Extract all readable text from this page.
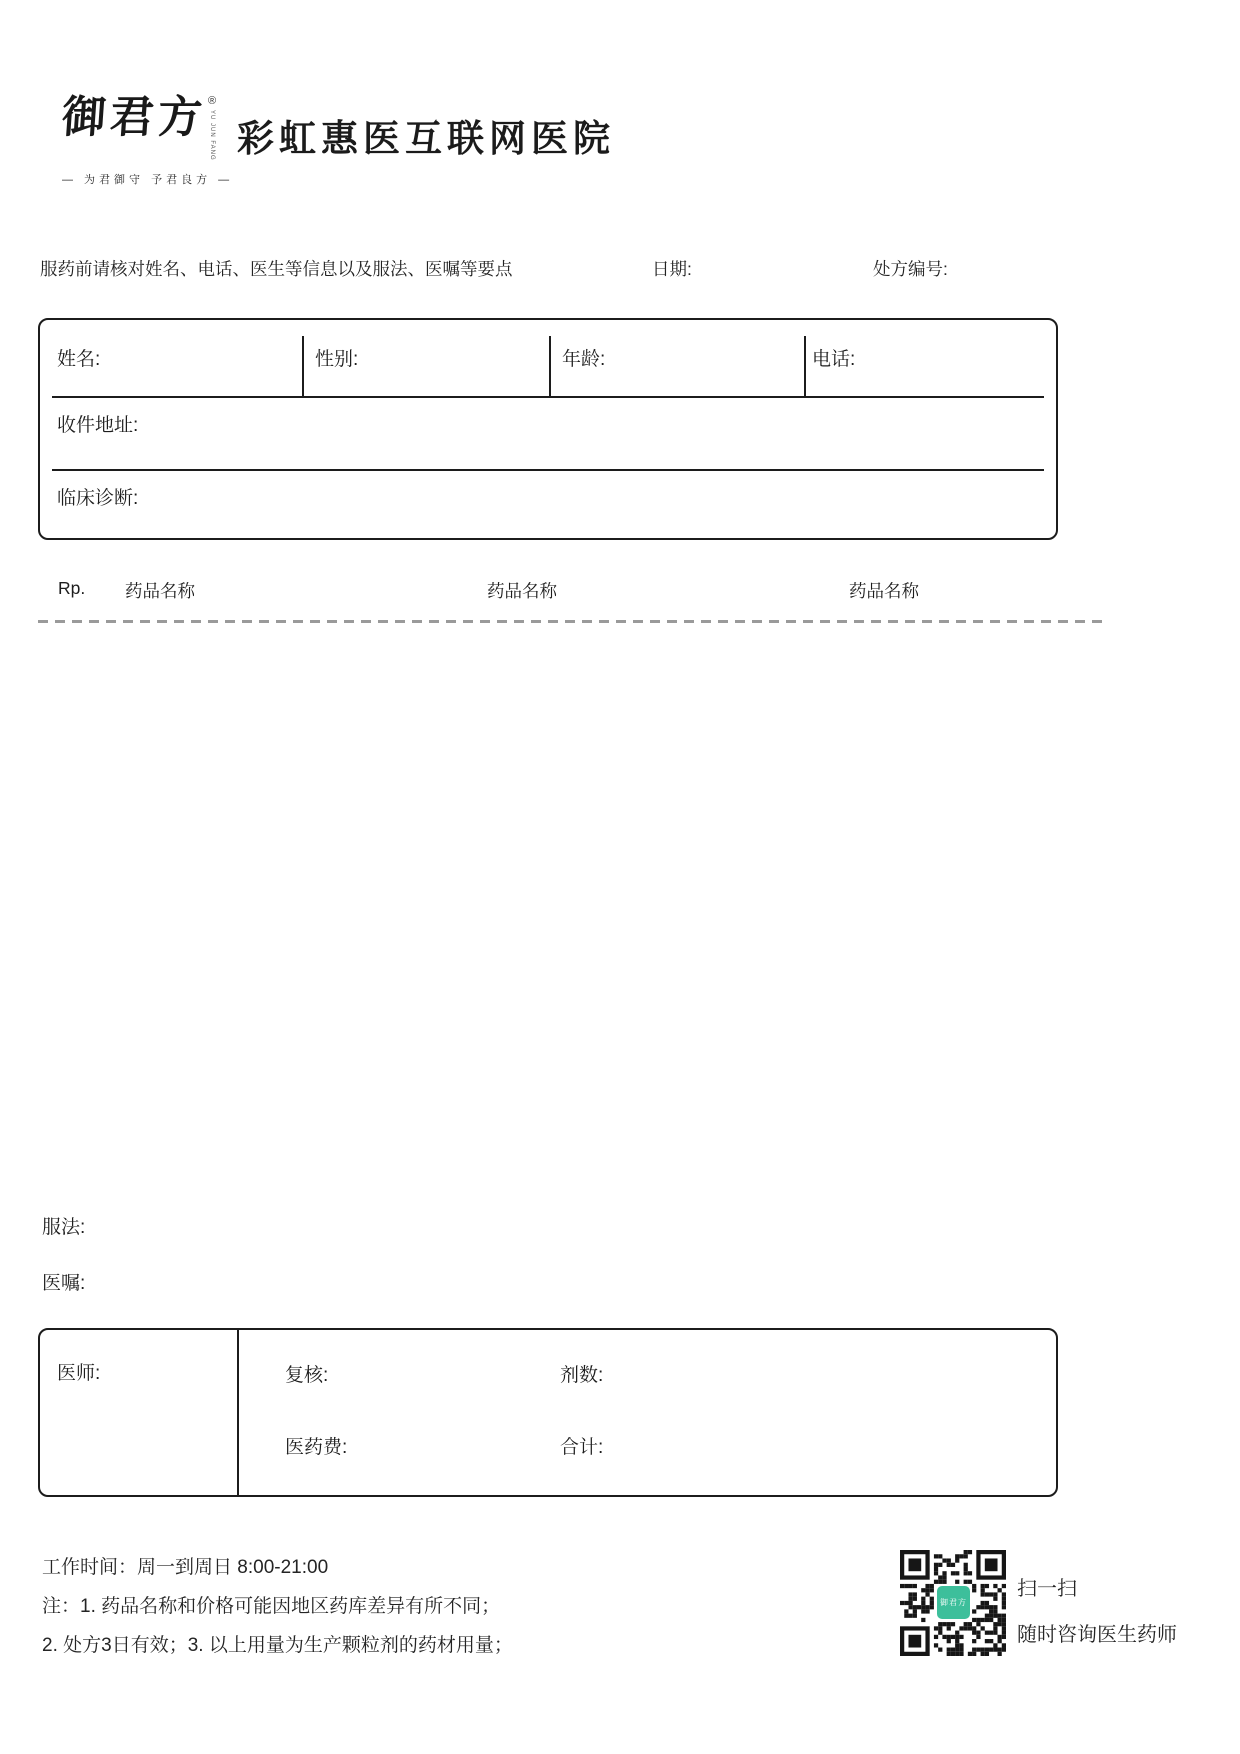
御君方 ®
YU JUN FANG
— 为君御守 予君良方 —
彩虹惠医互联网医院
服药前请核对姓名、电话、医生等信息以及服法、医嘱等要点	日期:	处方编号:
姓名:	性别:	年龄:	电话:
收件地址:
临床诊断:
Rp. 药品名称	药品名称	药品名称
服法:
医嘱:
医师:	复核:	剂数:
医药费:	合计:
工作时间：周一到周日 8:00-21:00
注：1. 药品名称和价格可能因地区药库差异有所不同；
2. 处方3日有效；3. 以上用量为生产颗粒剂的药材用量；
御君方
扫一扫
随时咨询医生药师
